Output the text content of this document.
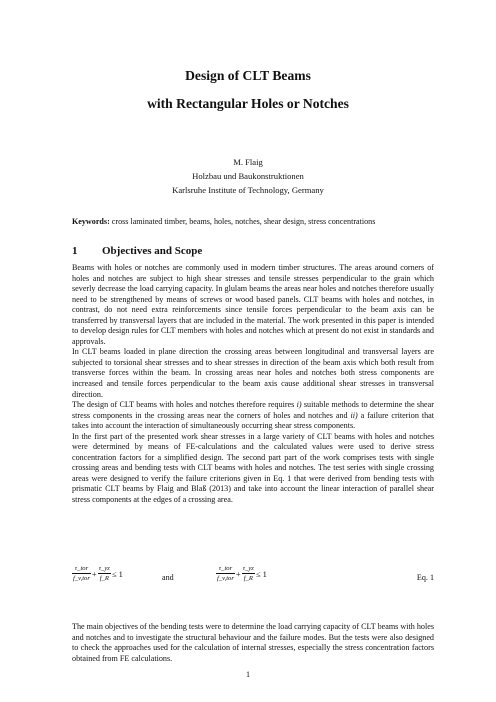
Design of CLT Beams
with Rectangular Holes or Notches
M. Flaig
Holzbau und Baukonstruktionen
Karlsruhe Institute of Technology, Germany
Keywords: cross laminated timber, beams, holes, notches, shear design, stress concentrations
1 Objectives and Scope

Beams with holes or notches are commonly used in modern timber structures. The areas around corners of holes and notches are subject to high shear stresses and tensile stresses perpendicular to the grain which severly decrease the load carrying capacity. In glulam beams the areas near holes and notches therefore usually need to be strengthened by means of screws or wood based panels. CLT beams with holes and notches, in contrast, do not need extra reinforcements since tensile forces perpendicular to the beam axis can be transferred by transversal layers that are included in the material. The work presented in this paper is intended to develop design rules for CLT members with holes and notches which at present do not exist in standards and approvals.

In CLT beams loaded in plane direction the crossing areas between longitudinal and transversal layers are subjected to torsional shear stresses and to shear stresses in direction of the beam axis which both result from transverse forces within the beam. In crossing areas near holes and notches both stress components are increased and tensile forces perpendicular to the beam axis cause additional shear stresses in transversal direction.

The design of CLT beams with holes and notches therefore requires i) suitable methods to determine the shear stress components in the crossing areas near the corners of holes and notches and ii) a failure criterion that takes into account the interaction of simultaneously occurring shear stress components.

In the first part of the presented work shear stresses in a large variety of CLT beams with holes and notches were determined by means of FE-calculations and the calculated values were used to derive stress concentration factors for a simplified design. The second part part of the work comprises tests with single crossing areas and bending tests with CLT beams with holes and notches. The test series with single crossing areas were designed to verify the failure criterions given in Eq. 1 that were derived from bending tests with prismatic CLT beams by Flaig and Blaß (2013) and take into account the linear interaction of parallel shear stress components at the edges of a crossing area.

$\frac{\text{τ\_tor}}{\text{f\_v,tor}} + \frac{\tau\_yz}{f\_R} \le 1$	and	$\frac{\text{τ\_tor}}{\text{f\_v,tor}} + \frac{\tau\_yz}{f\_R} \le 1$	Eq. 1

The main objectives of the bending tests were to determine the load carrying capacity of CLT beams with holes and notches and to investigate the structural behaviour and the failure modes. But the tests were also designed to check the approaches used for the calculation of internal stresses, especially the stress concentration factors obtained from FE calculations.

1
